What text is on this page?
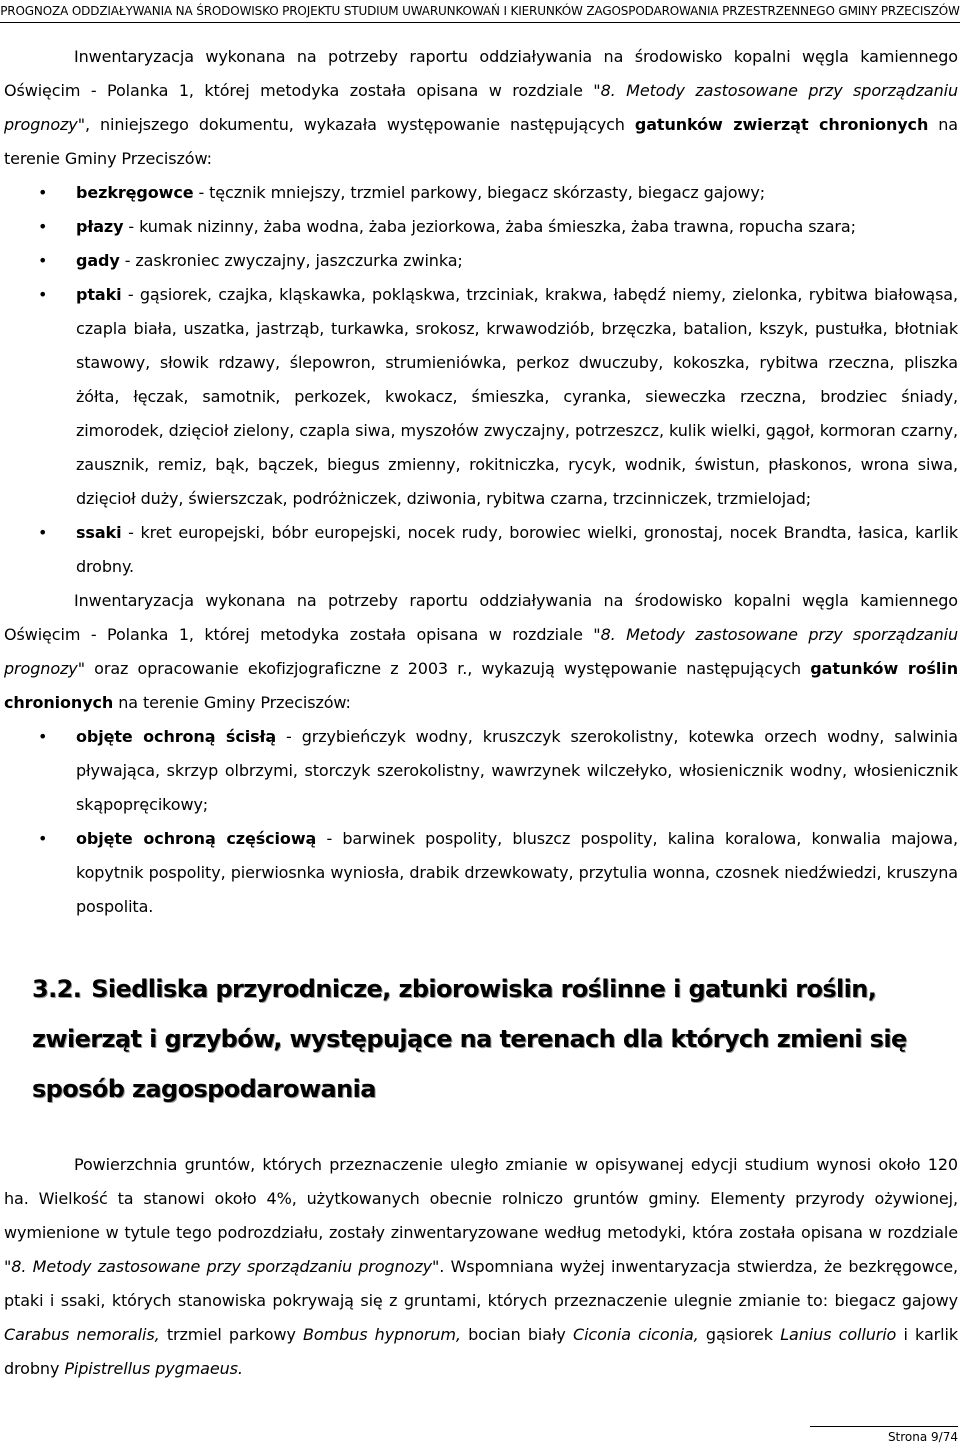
PROGNOZA ODDZIAŁYWANIA NA ŚRODOWISKO PROJEKTU STUDIUM UWARUNKOWAŃ I KIERUNKÓW ZAGOSPODAROWANIA PRZESTRZENNEGO GMINY PRZECISZÓW

Inwentaryzacja wykonana na potrzeby raportu oddziaływania na środowisko kopalni węgla kamiennego Oświęcim - Polanka 1, której metodyka została opisana w rozdziale "8. Metody zastosowane przy sporządzaniu prognozy", niniejszego dokumentu, wykazała występowanie następujących gatunków zwierząt chronionych na terenie Gminy Przeciszów:

• bezkręgowce - tęcznik mniejszy, trzmiel parkowy, biegacz skórzasty, biegacz gajowy;
• płazy - kumak nizinny, żaba wodna, żaba jeziorkowa, żaba śmieszka, żaba trawna, ropucha szara;
• gady - zaskroniec zwyczajny, jaszczurka zwinka;
• ptaki - gąsiorek, czajka, kląskawka, pokląskwa, trzciniak, krakwa, łabędź niemy, zielonka, rybitwa białowąsa, czapla biała, uszatka, jastrząb, turkawka, srokosz, krwawodziób, brzęczka, batalion, kszyk, pustułka, błotniak stawowy, słowik rdzawy, ślepowron, strumieniówka, perkoz dwuczuby, kokoszka, rybitwa rzeczna, pliszka żółta, łęczak, samotnik, perkozek, kwokacz, śmieszka, cyranka, sieweczka rzeczna, brodziec śniady, zimorodek, dzięcioł zielony, czapla siwa, myszołów zwyczajny, potrzeszcz, kulik wielki, gągoł, kormoran czarny, zausznik, remiz, bąk, bączek, biegus zmienny, rokitniczka, rycyk, wodnik, świstun, płaskonos, wrona siwa, dzięcioł duży, świerszczak, podróżniczek, dziwonia, rybitwa czarna, trzcinniczek, trzmielojad;
• ssaki - kret europejski, bóbr europejski, nocek rudy, borowiec wielki, gronostaj, nocek Brandta, łasica, karlik drobny.

Inwentaryzacja wykonana na potrzeby raportu oddziaływania na środowisko kopalni węgla kamiennego Oświęcim - Polanka 1, której metodyka została opisana w rozdziale "8. Metody zastosowane przy sporządzaniu prognozy" oraz opracowanie ekofizjograficzne z 2003 r., wykazują występowanie następujących gatunków roślin chronionych na terenie Gminy Przeciszów:

• objęte ochroną ścisłą - grzybieńczyk wodny, kruszczyk szerokolistny, kotewka orzech wodny, salwinia pływająca, skrzyp olbrzymi, storczyk szerokolistny, wawrzynek wilczełyko, włosienicznik wodny, włosienicznik skąpopręcikowy;
• objęte ochroną częściową - barwinek pospolity, bluszcz pospolity, kalina koralowa, konwalia majowa, kopytnik pospolity, pierwiosnka wyniosła, drabik drzewkowaty, przytulia wonna, czosnek niedźwiedzi, kruszyna pospolita.
3.2. Siedliska przyrodnicze, zbiorowiska roślinne i gatunki roślin, zwierząt i grzybów, występujące na terenach dla których zmieni się sposób zagospodarowania

Powierzchnia gruntów, których przeznaczenie uległo zmianie w opisywanej edycji studium wynosi około 120 ha. Wielkość ta stanowi około 4%, użytkowanych obecnie rolniczo gruntów gminy. Elementy przyrody ożywionej, wymienione w tytule tego podrozdziału, zostały zinwentaryzowane według metodyki, która została opisana w rozdziale "8. Metody zastosowane przy sporządzaniu prognozy". Wspomniana wyżej inwentaryzacja stwierdza, że bezkręgowce, ptaki i ssaki, których stanowiska pokrywają się z gruntami, których przeznaczenie ulegnie zmianie to: biegacz gajowy Carabus nemoralis, trzmiel parkowy Bombus hypnorum, bocian biały Ciconia ciconia, gąsiorek Lanius collurio i karlik drobny Pipistrellus pygmaeus.

Strona 9/74
